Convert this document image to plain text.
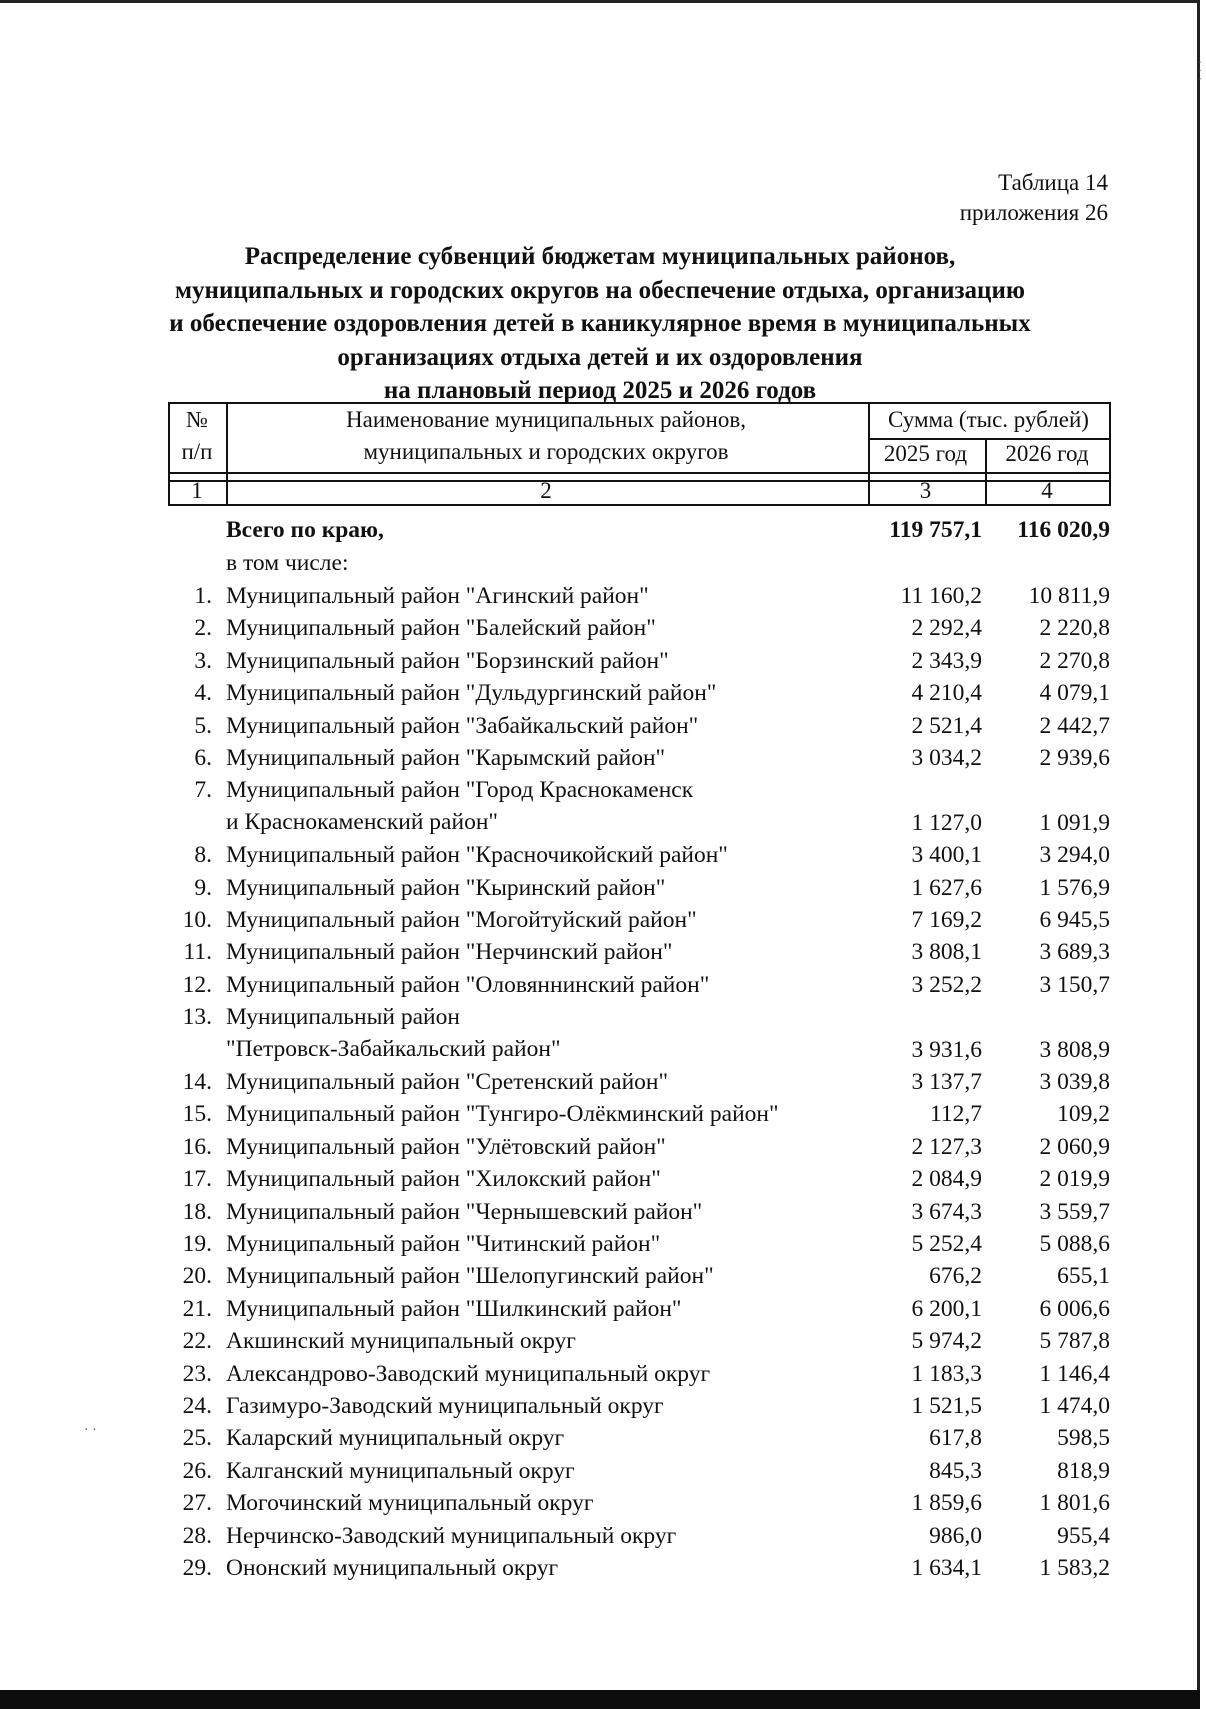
Таблица 14
приложения 26
Распределение субвенций бюджетам муниципальных районов,
муниципальных и городских округов на обеспечение отдыха, организацию
и обеспечение оздоровления детей в каникулярное время в муниципальных
организациях отдыха детей и их оздоровления
на плановый период 2025 и 2026 годов
№
п/п
Наименование муниципальных районов,
муниципальных и городских округов
Сумма (тыс. рублей)
2025 год	2026 год
1	2	3	4
Всего по краю,	119 757,1	116 020,9
в том числе:
1. Муниципальный район "Агинский район"	11 160,2	10 811,9
2. Муниципальный район "Балейский район"	2 292,4	2 220,8
3. Муниципальный район "Борзинский район"	2 343,9	2 270,8
4. Муниципальный район "Дульдургинский район"	4 210,4	4 079,1
5. Муниципальный район "Забайкальский район"	2 521,4	2 442,7
6. Муниципальный район "Карымский район"	3 034,2	2 939,6
7. Муниципальный район "Город Краснокаменск
и Краснокаменский район"	1 127,0	1 091,9
8. Муниципальный район "Красночикойский район"	3 400,1	3 294,0
9. Муниципальный район "Кыринский район"	1 627,6	1 576,9
10. Муниципальный район "Могойтуйский район"	7 169,2	6 945,5
11. Муниципальный район "Нерчинский район"	3 808,1	3 689,3
12. Муниципальный район "Оловяннинский район"	3 252,2	3 150,7
13. Муниципальный район
"Петровск-Забайкальский район"	3 931,6	3 808,9
14. Муниципальный район "Сретенский район"	3 137,7	3 039,8
15. Муниципальный район "Тунгиро-Олёкминский район"	112,7	109,2
16. Муниципальный район "Улётовский район"	2 127,3	2 060,9
17. Муниципальный район "Хилокский район"	2 084,9	2 019,9
18. Муниципальный район "Чернышевский район"	3 674,3	3 559,7
19. Муниципальный район "Читинский район"	5 252,4	5 088,6
20. Муниципальный район "Шелопугинский район"	676,2	655,1
21. Муниципальный район "Шилкинский район"	6 200,1	6 006,6
22. Акшинский муниципальный округ	5 974,2	5 787,8
23. Александрово-Заводский муниципальный округ	1 183,3	1 146,4
24. Газимуро-Заводский муниципальный округ	1 521,5	1 474,0
25. Каларский муниципальный округ	617,8	598,5
26. Калганский муниципальный округ	845,3	818,9
27. Могочинский муниципальный округ	1 859,6	1 801,6
28. Нерчинско-Заводский муниципальный округ	986,0	955,4
29. Ононский муниципальный округ	1 634,1	1 583,2
· ·
· · ·
